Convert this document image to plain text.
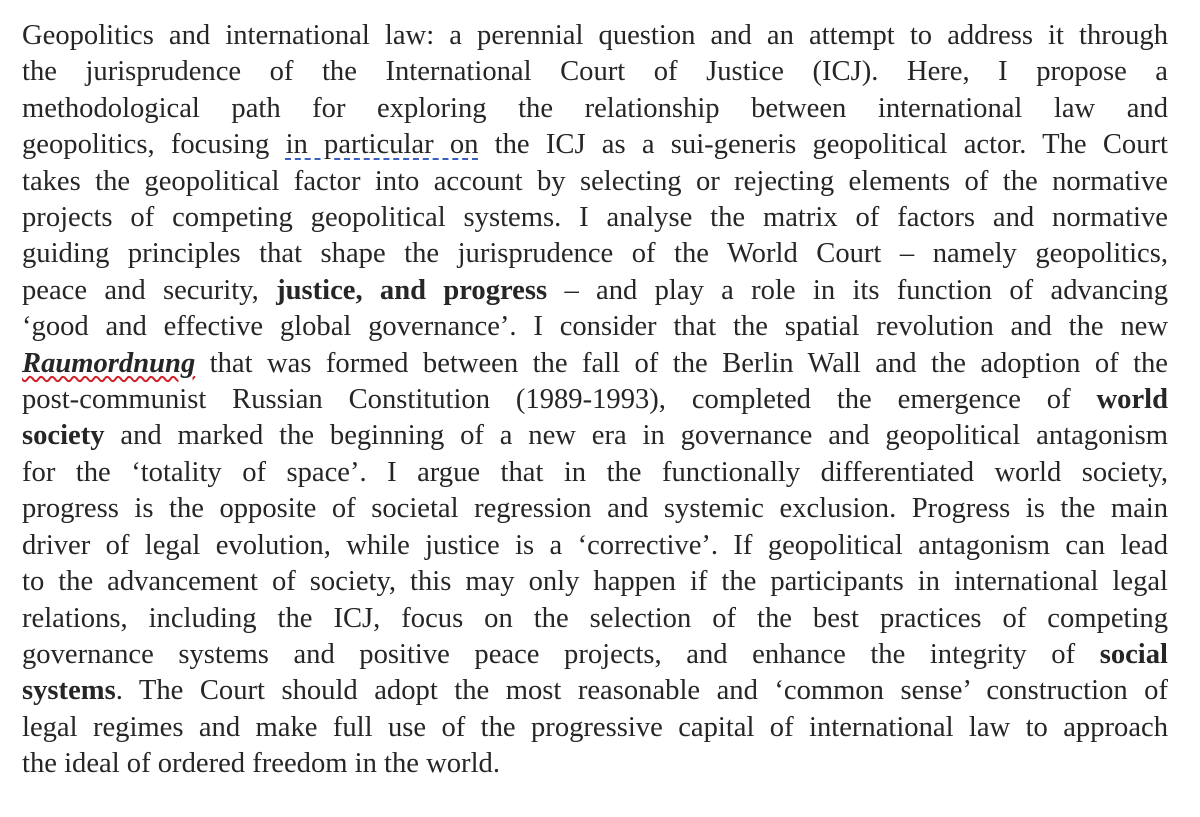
Geopolitics and international law: a perennial question and an attempt to address it through
the jurisprudence of the International Court of Justice (ICJ). Here, I propose a
methodological path for exploring the relationship between international law and
geopolitics, focusing in particular on the ICJ as a sui-generis geopolitical actor. The Court
takes the geopolitical factor into account by selecting or rejecting elements of the normative
projects of competing geopolitical systems. I analyse the matrix of factors and normative
guiding principles that shape the jurisprudence of the World Court – namely geopolitics,
peace and security, justice, and progress – and play a role in its function of advancing
‘good and effective global governance’. I consider that the spatial revolution and the new
Raumordnung that was formed between the fall of the Berlin Wall and the adoption of the
post-communist Russian Constitution (1989-1993), completed the emergence of world
society and marked the beginning of a new era in governance and geopolitical antagonism
for the ‘totality of space’. I argue that in the functionally differentiated world society,
progress is the opposite of societal regression and systemic exclusion. Progress is the main
driver of legal evolution, while justice is a ‘corrective’. If geopolitical antagonism can lead
to the advancement of society, this may only happen if the participants in international legal
relations, including the ICJ, focus on the selection of the best practices of competing
governance systems and positive peace projects, and enhance the integrity of social
systems. The Court should adopt the most reasonable and ‘common sense’ construction of
legal regimes and make full use of the progressive capital of international law to approach
the ideal of ordered freedom in the world.
